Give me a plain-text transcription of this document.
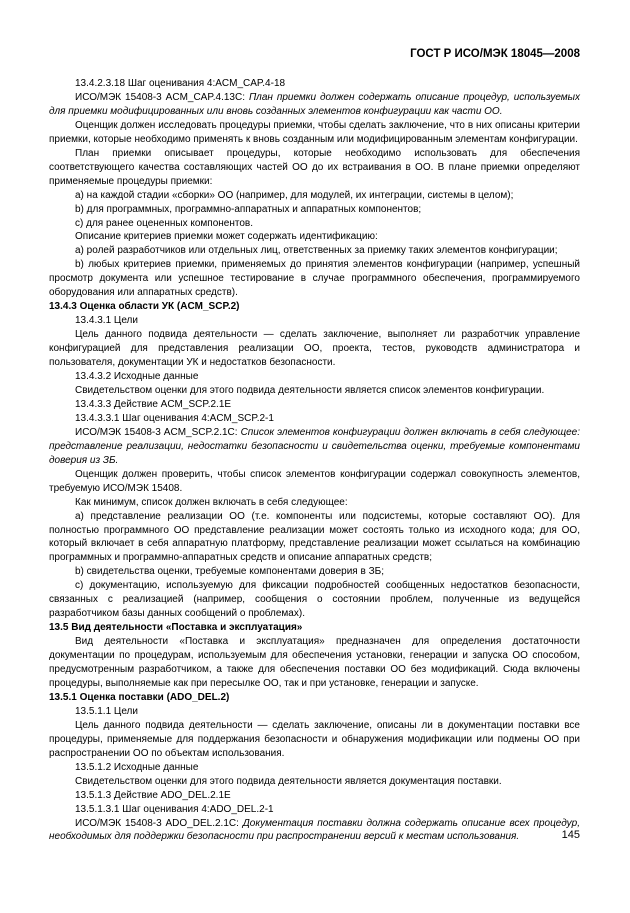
ГОСТ Р ИСО/МЭК 18045—2008

13.4.2.3.18 Шаг оценивания 4:ACM_CAP.4-18

ИСО/МЭК 15408-3 ACM_CAP.4.13C: План приемки должен содержать описание процедур, используемых для приемки модифицированных или вновь созданных элементов конфигурации как части ОО.

Оценщик должен исследовать процедуры приемки, чтобы сделать заключение, что в них описаны критерии приемки, которые необходимо применять к вновь созданным или модифицированным элементам конфигурации.

План приемки описывает процедуры, которые необходимо использовать для обеспечения соответствующего качества составляющих частей ОО до их встраивания в ОО. В плане приемки определяют применяемые процедуры приемки:

a) на каждой стадии «сборки» ОО (например, для модулей, их интеграции, системы в целом);

b) для программных, программно-аппаратных и аппаратных компонентов;

c) для ранее оцененных компонентов.

Описание критериев приемки может содержать идентификацию:

a) ролей разработчиков или отдельных лиц, ответственных за приемку таких элементов конфигурации;

b) любых критериев приемки, применяемых до принятия элементов конфигурации (например, успешный просмотр документа или успешное тестирование в случае программного обеспечения, программируемого оборудования или аппаратных средств).

13.4.3 Оценка области УК (ACM_SCP.2)

13.4.3.1 Цели

Цель данного подвида деятельности — сделать заключение, выполняет ли разработчик управление конфигурацией для представления реализации ОО, проекта, тестов, руководств администратора и пользователя, документации УК и недостатков безопасности.

13.4.3.2 Исходные данные

Свидетельством оценки для этого подвида деятельности является список элементов конфигурации.

13.4.3.3 Действие ACM_SCP.2.1E

13.4.3.3.1 Шаг оценивания 4:ACM_SCP.2-1

ИСО/МЭК 15408-3 ACM_SCP.2.1C: Список элементов конфигурации должен включать в себя следующее: представление реализации, недостатки безопасности и свидетельства оценки, требуемые компонентами доверия из ЗБ.

Оценщик должен проверить, чтобы список элементов конфигурации содержал совокупность элементов, требуемую ИСО/МЭК 15408.

Как минимум, список должен включать в себя следующее:

a) представление реализации ОО (т.е. компоненты или подсистемы, которые составляют ОО). Для полностью программного ОО представление реализации может состоять только из исходного кода; для ОО, который включает в себя аппаратную платформу, представление реализации может ссылаться на комбинацию программных и программно-аппаратных средств и описание аппаратных средств;

b) свидетельства оценки, требуемые компонентами доверия в ЗБ;

c) документацию, используемую для фиксации подробностей сообщенных недостатков безопасности, связанных с реализацией (например, сообщения о состоянии проблем, полученные из ведущейся разработчиком базы данных сообщений о проблемах).

13.5 Вид деятельности «Поставка и эксплуатация»

Вид деятельности «Поставка и эксплуатация» предназначен для определения достаточности документации по процедурам, используемым для обеспечения установки, генерации и запуска ОО способом, предусмотренным разработчиком, а также для обеспечения поставки ОО без модификаций. Сюда включены процедуры, выполняемые как при пересылке ОО, так и при установке, генерации и запуске.

13.5.1 Оценка поставки (ADO_DEL.2)

13.5.1.1 Цели

Цель данного подвида деятельности — сделать заключение, описаны ли в документации поставки все процедуры, применяемые для поддержания безопасности и обнаружения модификации или подмены ОО при распространении ОО по объектам использования.

13.5.1.2 Исходные данные

Свидетельством оценки для этого подвида деятельности является документация поставки.

13.5.1.3 Действие ADO_DEL.2.1E

13.5.1.3.1 Шаг оценивания 4:ADO_DEL.2-1

ИСО/МЭК 15408-3 ADO_DEL.2.1C: Документация поставки должна содержать описание всех процедур, необходимых для поддержки безопасности при распространении версий к местам использования.	145
